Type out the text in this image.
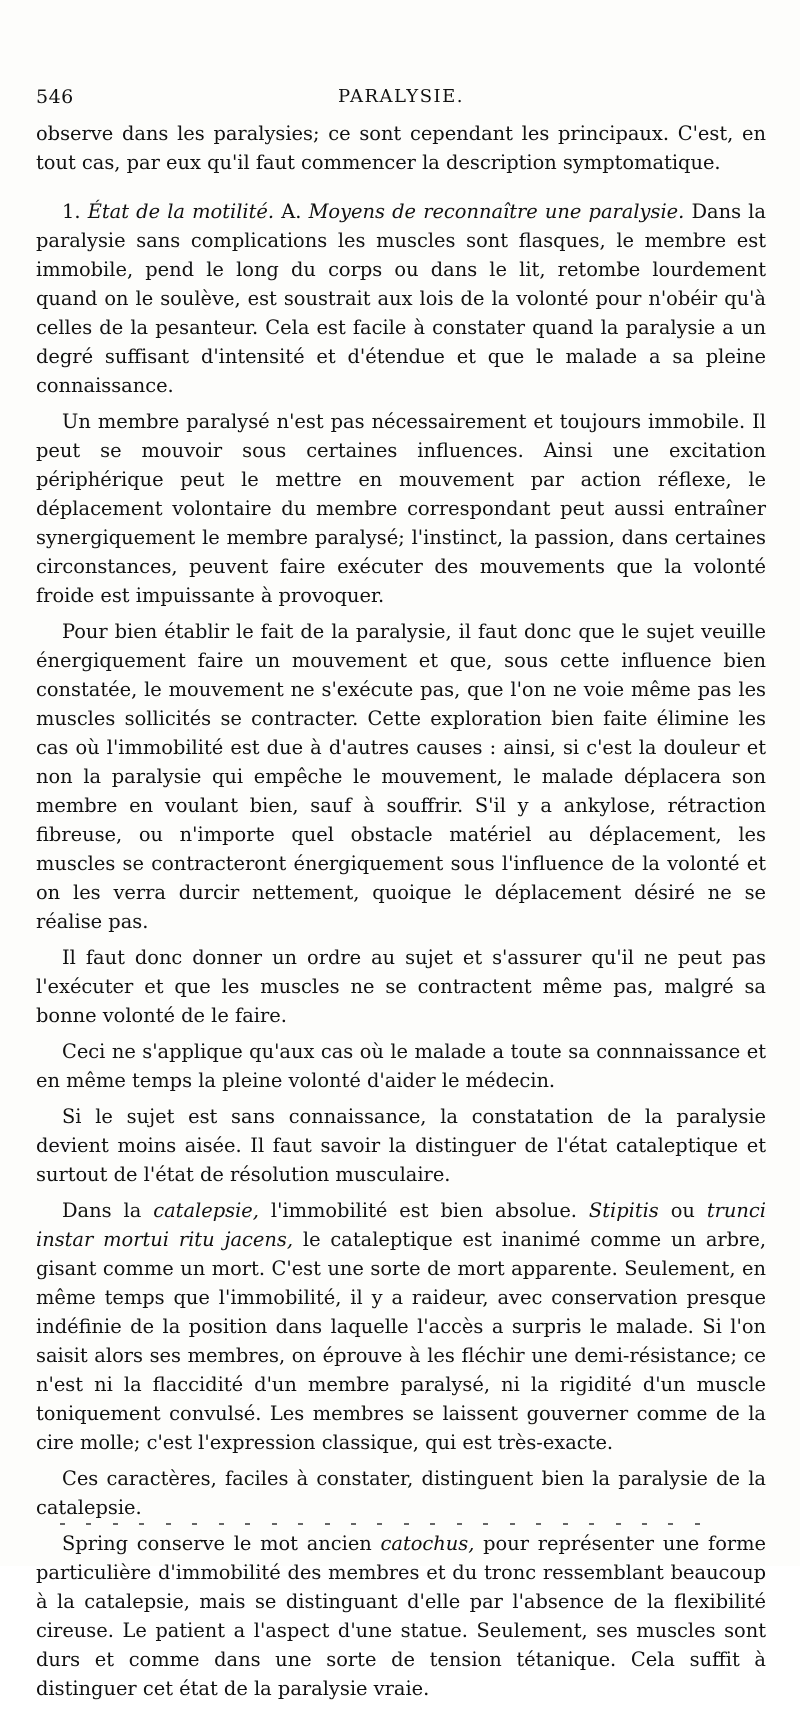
546	PARALYSIE.

observe dans les paralysies; ce sont cependant les principaux. C'est, en tout cas, par eux qu'il faut commencer la description symptomatique.

1. État de la motilité. A. Moyens de reconnaître une paralysie. Dans la paralysie sans complications les muscles sont flasques, le membre est immobile, pend le long du corps ou dans le lit, retombe lourdement quand on le soulève, est soustrait aux lois de la volonté pour n'obéir qu'à celles de la pesanteur. Cela est facile à constater quand la paralysie a un degré suffisant d'intensité et d'étendue et que le malade a sa pleine connaissance.

Un membre paralysé n'est pas nécessairement et toujours immobile. Il peut se mouvoir sous certaines influences. Ainsi une excitation périphérique peut le mettre en mouvement par action réflexe, le déplacement volontaire du membre correspondant peut aussi entraîner synergiquement le membre paralysé; l'instinct, la passion, dans certaines circonstances, peuvent faire exécuter des mouvements que la volonté froide est impuissante à provoquer.

Pour bien établir le fait de la paralysie, il faut donc que le sujet veuille énergiquement faire un mouvement et que, sous cette influence bien constatée, le mouvement ne s'exécute pas, que l'on ne voie même pas les muscles sollicités se contracter. Cette exploration bien faite élimine les cas où l'immobilité est due à d'autres causes : ainsi, si c'est la douleur et non la paralysie qui empêche le mouvement, le malade déplacera son membre en voulant bien, sauf à souffrir. S'il y a ankylose, rétraction fibreuse, ou n'importe quel obstacle matériel au déplacement, les muscles se contracteront énergiquement sous l'influence de la volonté et on les verra durcir nettement, quoique le déplacement désiré ne se réalise pas.

Il faut donc donner un ordre au sujet et s'assurer qu'il ne peut pas l'exécuter et que les muscles ne se contractent même pas, malgré sa bonne volonté de le faire.

Ceci ne s'applique qu'aux cas où le malade a toute sa connnaissance et en même temps la pleine volonté d'aider le médecin.

Si le sujet est sans connaissance, la constatation de la paralysie devient moins aisée. Il faut savoir la distinguer de l'état cataleptique et surtout de l'état de résolution musculaire.

Dans la catalepsie, l'immobilité est bien absolue. Stipitis ou trunci instar mortui ritu jacens, le cataleptique est inanimé comme un arbre, gisant comme un mort. C'est une sorte de mort apparente. Seulement, en même temps que l'immobilité, il y a raideur, avec conservation presque indéfinie de la position dans laquelle l'accès a surpris le malade. Si l'on saisit alors ses membres, on éprouve à les fléchir une demi-résistance; ce n'est ni la flaccidité d'un membre paralysé, ni la rigidité d'un muscle toniquement convulsé. Les membres se laissent gouverner comme de la cire molle; c'est l'expression classique, qui est très-exacte.

Ces caractères, faciles à constater, distinguent bien la paralysie de la catalepsie.

Spring conserve le mot ancien catochus, pour représenter une forme particulière d'immobilité des membres et du tronc ressemblant beaucoup à la catalepsie, mais se distinguant d'elle par l'absence de la flexibilité cireuse. Le patient a l'aspect d'une statue. Seulement, ses muscles sont durs et comme dans une sorte de tension tétanique. Cela suffit à distinguer cet état de la paralysie vraie.
